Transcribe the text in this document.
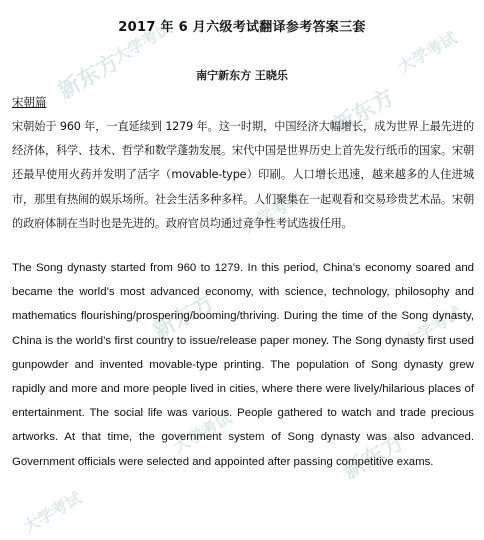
新东方
大学考试	大学考试
新东方
大学考试
新东方	大学考试
大学考试	新东方
大学考试
2017 年 6 月六级考试翻译参考答案三套
南宁新东方 王晓乐
宋朝篇

宋朝始于 960 年，一直延续到 1279 年。这一时期，中国经济大幅增长，成为世界上最先进的经济体，科学、技术、哲学和数学蓬勃发展。宋代中国是世界历史上首先发行纸币的国家。宋朝还最早使用火药并发明了活字（movable-type）印刷。人口增长迅速，越来越多的人住进城市，那里有热闹的娱乐场所。社会生活多种多样。人们聚集在一起观看和交易珍贵艺术品。宋朝的政府体制在当时也是先进的。政府官员均通过竞争性考试选拔任用。

The Song dynasty started from 960 to 1279. In this period, China’s economy soared and became the world’s most advanced economy, with science, technology, philosophy and mathematics flourishing/prospering/booming/thriving. During the time of the Song dynasty, China is the world’s first country to issue/release paper money. The Song dynasty first used gunpowder and invented movable-type printing. The population of Song dynasty grew rapidly and more and more people lived in cities, where there were lively/hilarious places of entertainment. The social life was various. People gathered to watch and trade precious artworks. At that time, the government system of Song dynasty was also advanced. Government officials were selected and appointed after passing competitive exams.
